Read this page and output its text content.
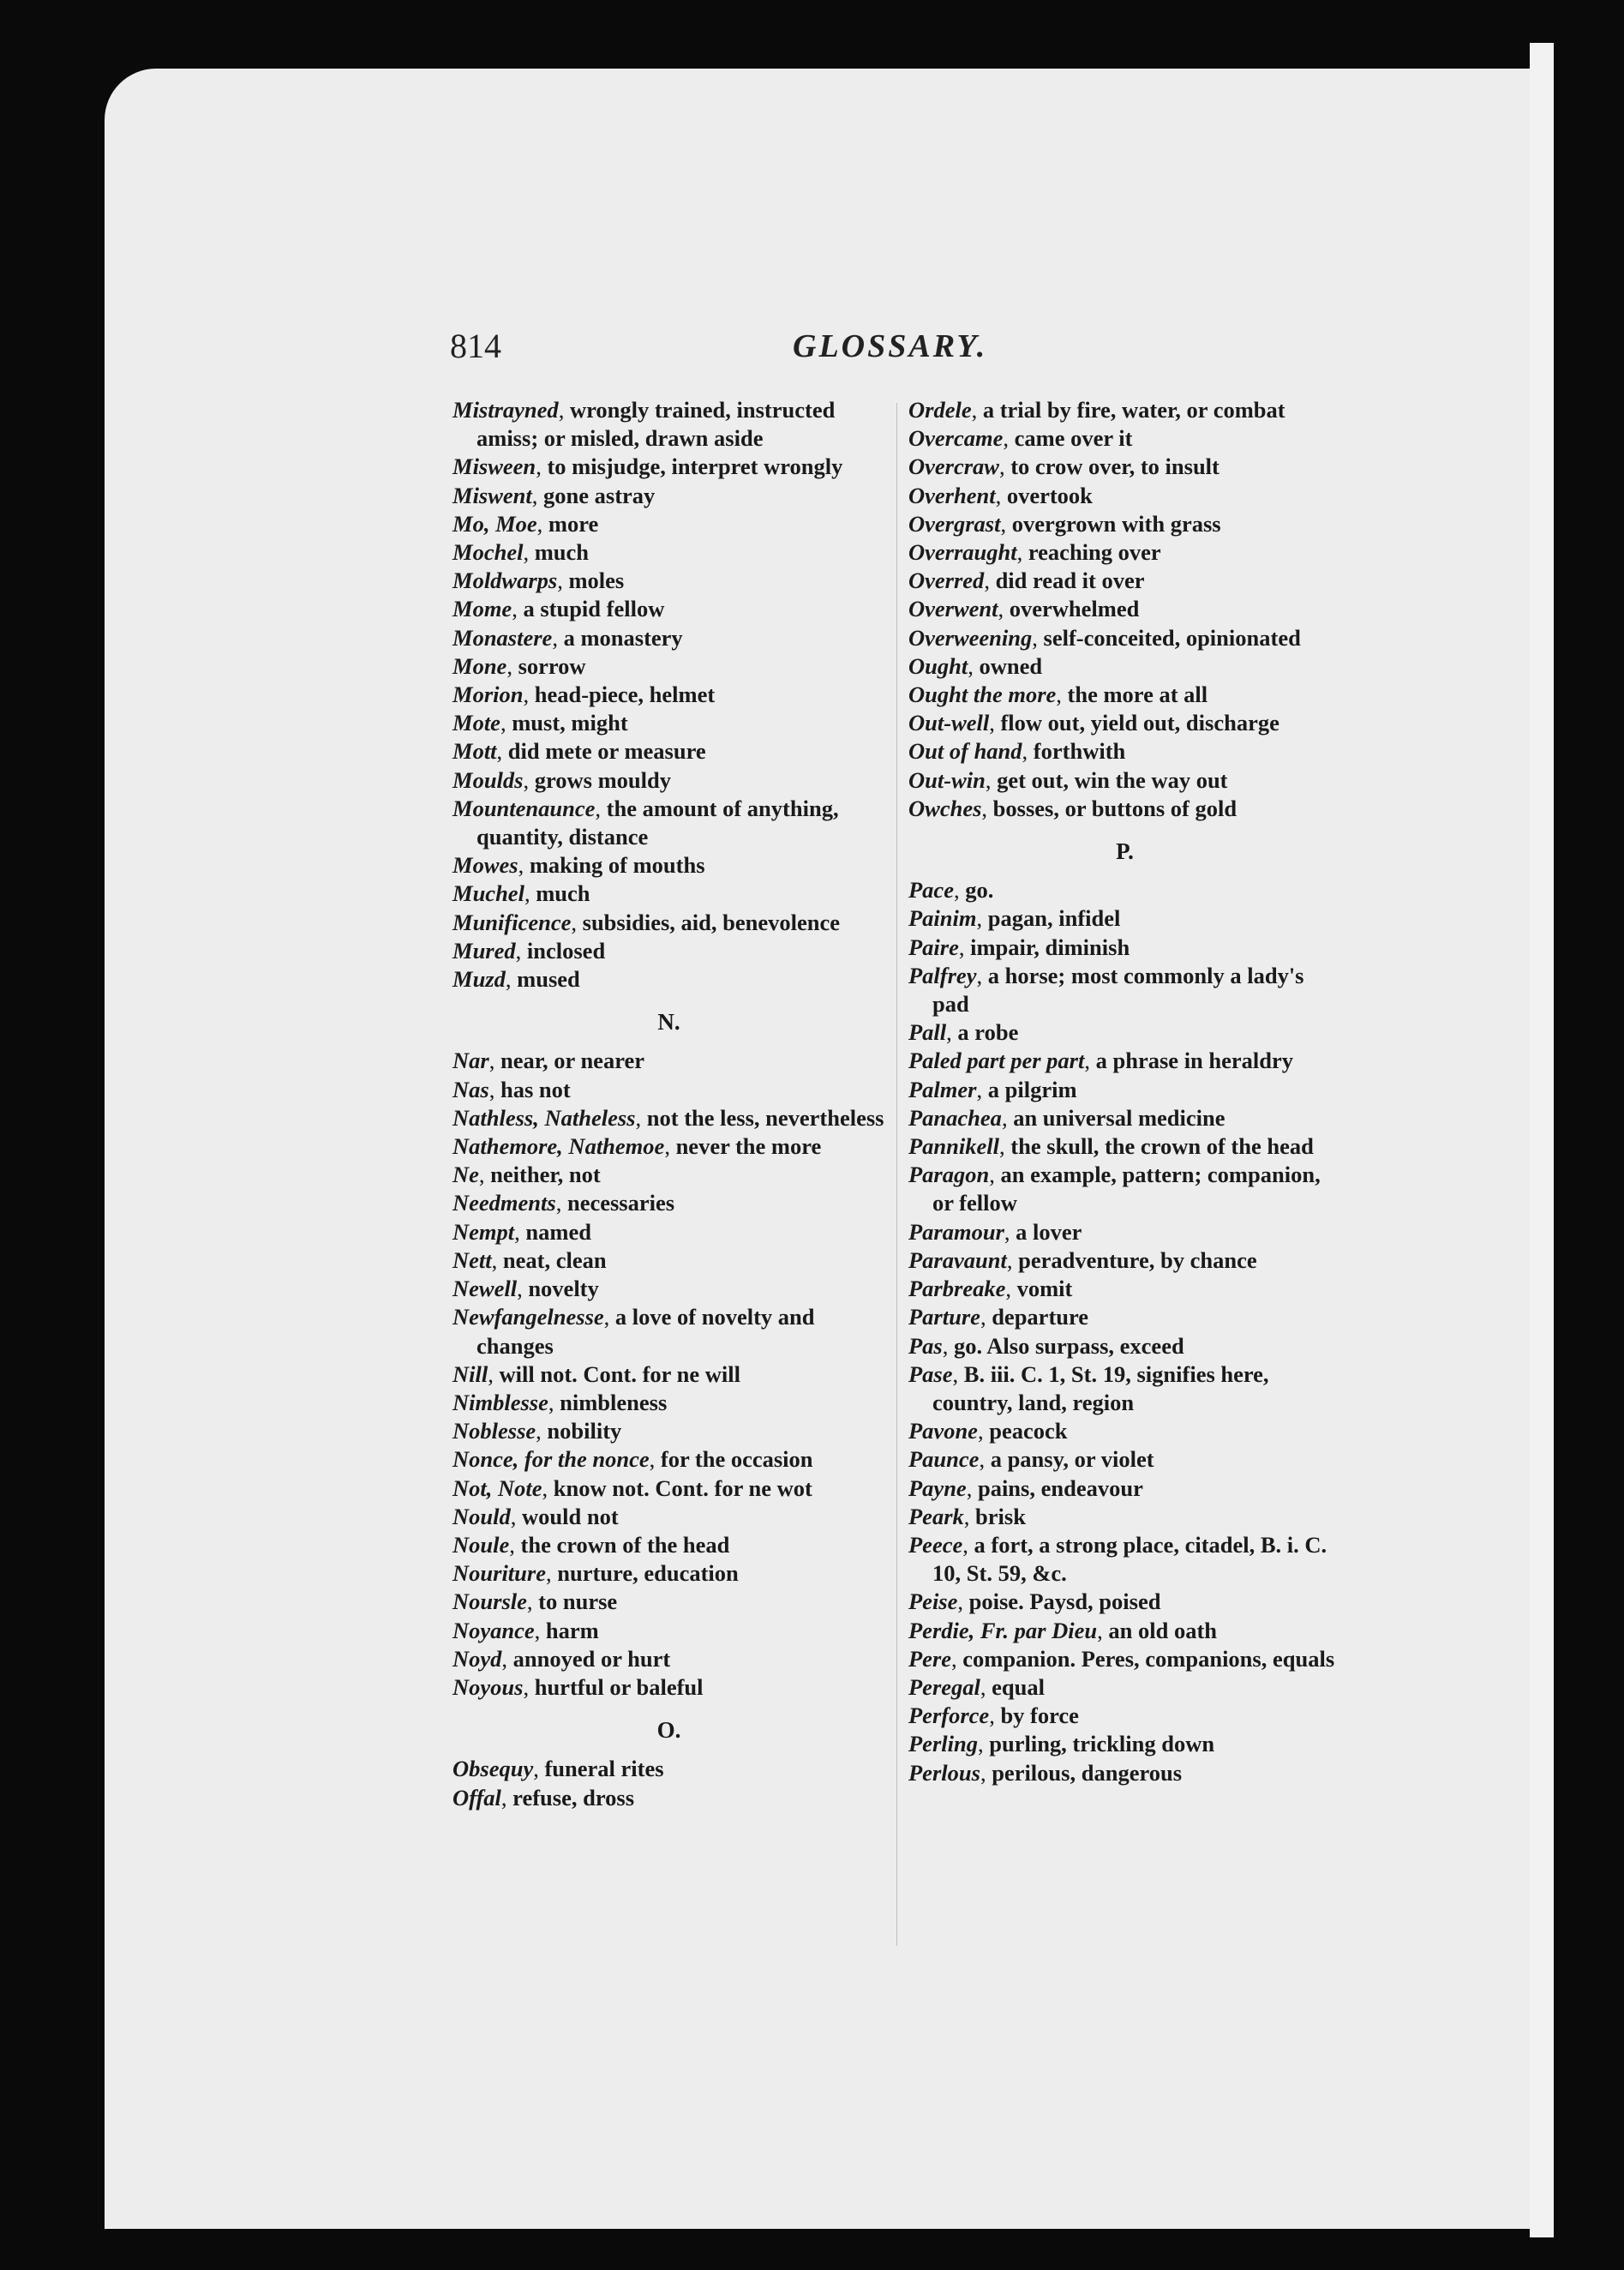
814	GLOSSARY.
Mistrayned, wrongly trained, instructed amiss; or misled, drawn aside
Misween, to misjudge, interpret wrongly
Miswent, gone astray
Mo, Moe, more
Mochel, much
Moldwarps, moles
Mome, a stupid fellow
Monastere, a monastery
Mone, sorrow
Morion, head-piece, helmet
Mote, must, might
Mott, did mete or measure
Moulds, grows mouldy
Mountenaunce, the amount of anything, quantity, distance
Mowes, making of mouths
Muchel, much
Munificence, subsidies, aid, benevolence
Mured, inclosed
Muzd, mused
N.
Nar, near, or nearer
Nas, has not
Nathless, Natheless, not the less, nevertheless
Nathemore, Nathemoe, never the more
Ne, neither, not
Needments, necessaries
Nempt, named
Nett, neat, clean
Newell, novelty
Newfangelnesse, a love of novelty and changes
Nill, will not. Cont. for ne will
Nimblesse, nimbleness
Noblesse, nobility
Nonce, for the nonce, for the occasion
Not, Note, know not. Cont. for ne wot
Nould, would not
Noule, the crown of the head
Nouriture, nurture, education
Noursle, to nurse
Noyance, harm
Noyd, annoyed or hurt
Noyous, hurtful or baleful
O.
Obsequy, funeral rites
Offal, refuse, dross
Ordele, a trial by fire, water, or combat
Overcame, came over it
Overcraw, to crow over, to insult
Overhent, overtook
Overgrast, overgrown with grass
Overraught, reaching over
Overred, did read it over
Overwent, overwhelmed
Overweening, self-conceited, opinionated
Ought, owned
Ought the more, the more at all
Out-well, flow out, yield out, discharge
Out of hand, forthwith
Out-win, get out, win the way out
Owches, bosses, or buttons of gold
P.
Pace, go.
Painim, pagan, infidel
Paire, impair, diminish
Palfrey, a horse; most commonly a lady's pad
Pall, a robe
Paled part per part, a phrase in heraldry
Palmer, a pilgrim
Panachea, an universal medicine
Pannikell, the skull, the crown of the head
Paragon, an example, pattern; companion, or fellow
Paramour, a lover
Paravaunt, peradventure, by chance
Parbreake, vomit
Parture, departure
Pas, go. Also surpass, exceed
Pase, B. iii. C. 1, St. 19, signifies here, country, land, region
Pavone, peacock
Paunce, a pansy, or violet
Payne, pains, endeavour
Peark, brisk
Peece, a fort, a strong place, citadel, B. i. C. 10, St. 59, &c.
Peise, poise. Paysd, poised
Perdie, Fr. par Dieu, an old oath
Pere, companion. Peres, companions, equals
Peregal, equal
Perforce, by force
Perling, purling, trickling down
Perlous, perilous, dangerous
